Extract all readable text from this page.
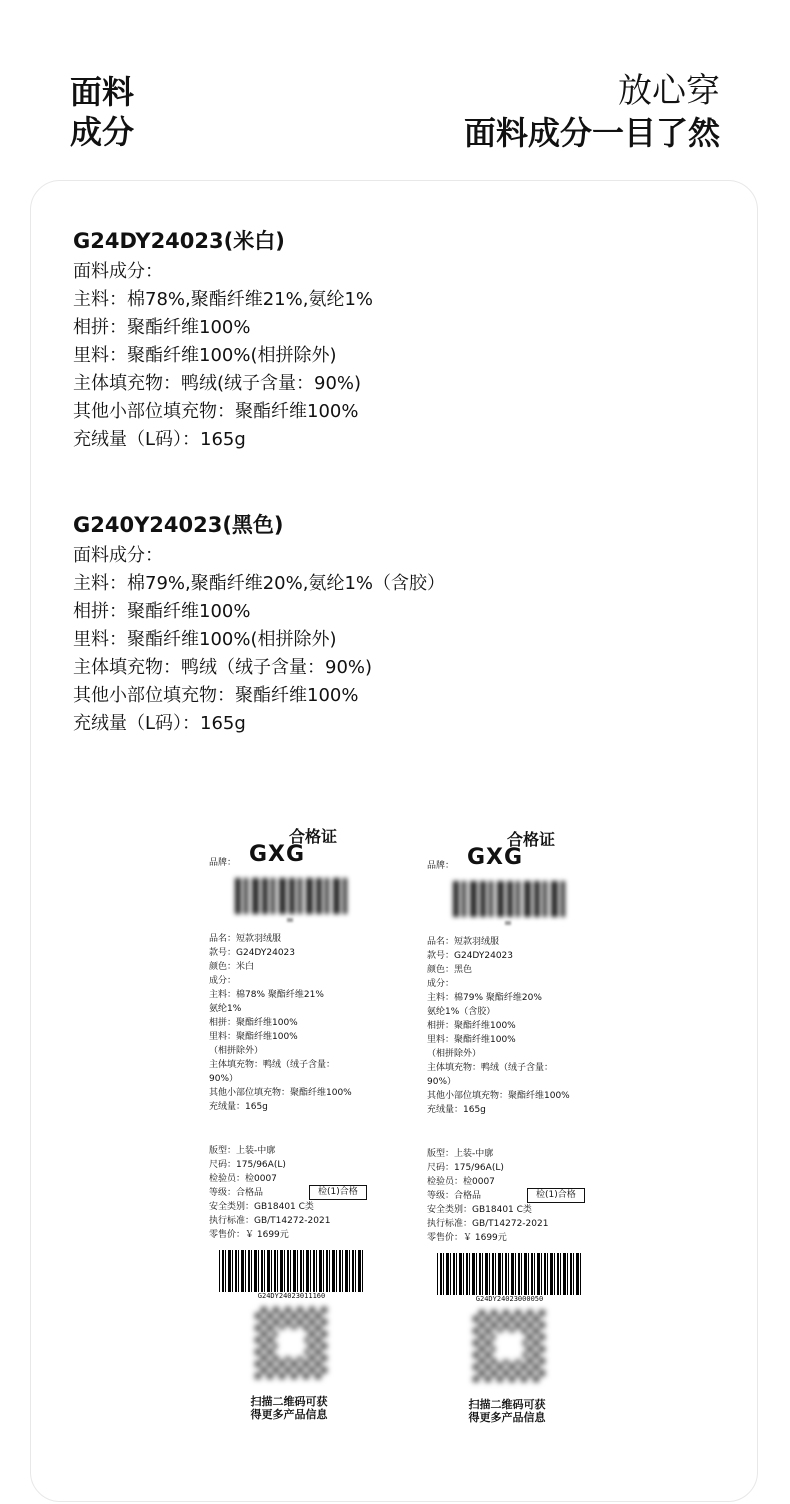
面料
成分
放心穿
面料成分一目了然
G24DY24023(米白)
面料成分：
主料：棉78%,聚酯纤维21%,氨纶1%
相拼：聚酯纤维100%
里料：聚酯纤维100%(相拼除外)
主体填充物：鸭绒(绒子含量：90%)
其他小部位填充物：聚酯纤维100%
充绒量（L码）：165g
G240Y24023(黑色)
面料成分：
主料：棉79%,聚酯纤维20%,氨纶1%（含胶）
相拼：聚酯纤维100%
里料：聚酯纤维100%(相拼除外)
主体填充物：鸭绒（绒子含量：90%)
其他小部位填充物：聚酯纤维100%
充绒量（L码）：165g
合格证
品牌： GXG
品名：短款羽绒服
款号：G24DY24023
颜色：米白
成分：
主料：棉78% 聚酯纤维21%
氨纶1%
相拼：聚酯纤维100%
里料：聚酯纤维100%
（相拼除外）
主体填充物：鸭绒（绒子含量：
90%）
其他小部位填充物：聚酯纤维100%
充绒量：165g
版型：上装-中廓
尺码：175/96A(L)
检验员：检0007
等级：合格品	检(1)合格
安全类别：GB18401 C类
执行标准：GB/T14272-2021
零售价：￥ 1699元
G24DY24023011160
扫描二维码可获
得更多产品信息
合格证
品牌： GXG
品名：短款羽绒服
款号：G24DY24023
颜色：黑色
成分：
主料：棉79% 聚酯纤维20%
氨纶1%（含胶）
相拼：聚酯纤维100%
里料：聚酯纤维100%
（相拼除外）
主体填充物：鸭绒（绒子含量：
90%）
其他小部位填充物：聚酯纤维100%
充绒量：165g
版型：上装-中廓
尺码：175/96A(L)
检验员：检0007
等级：合格品	检(1)合格
安全类别：GB18401 C类
执行标准：GB/T14272-2021
零售价：￥ 1699元
G24DY24023000050
扫描二维码可获
得更多产品信息
